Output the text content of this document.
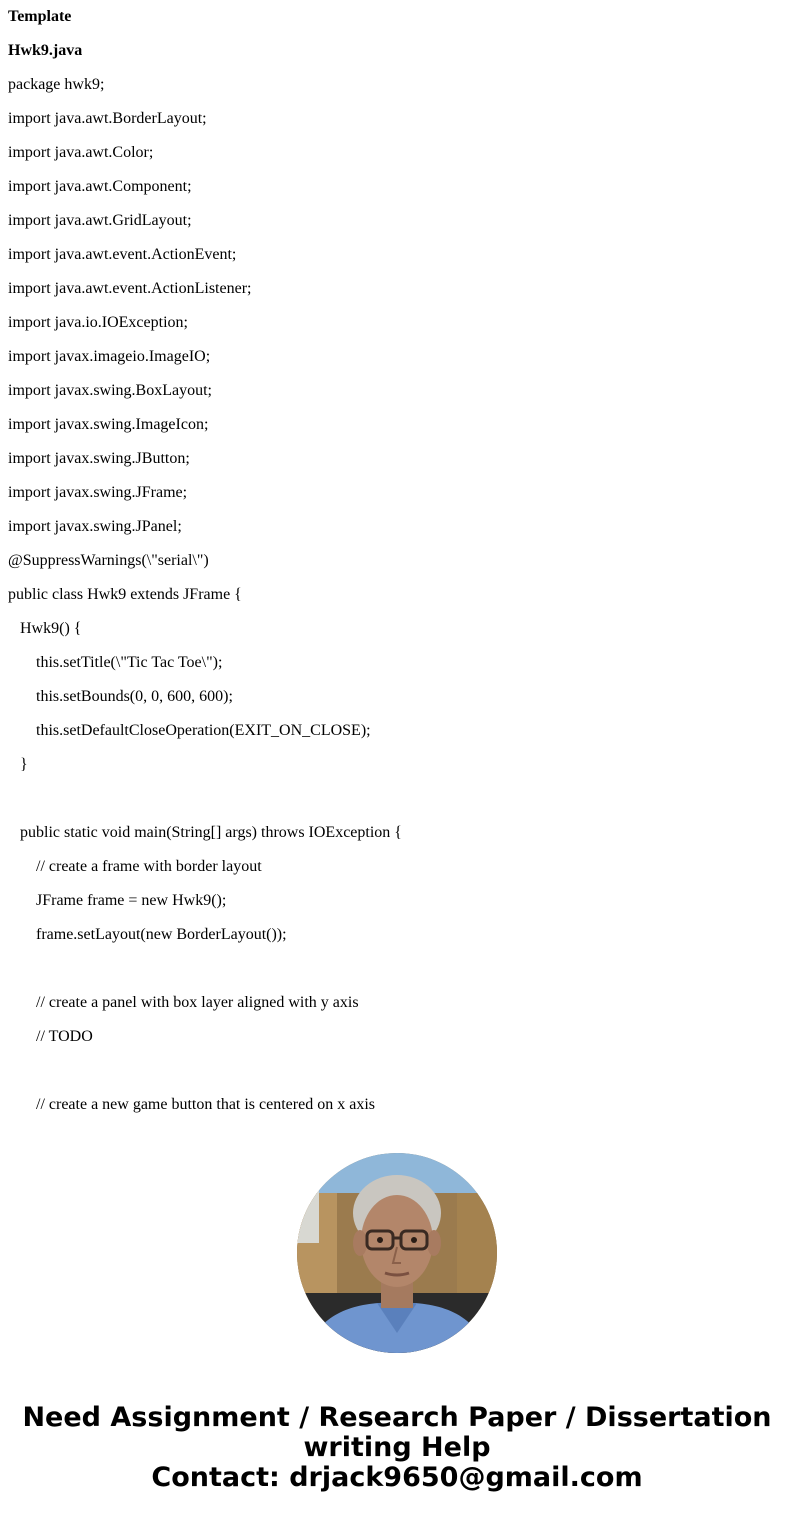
Template

Hwk9.java

package hwk9;

import java.awt.BorderLayout;

import java.awt.Color;

import java.awt.Component;

import java.awt.GridLayout;

import java.awt.event.ActionEvent;

import java.awt.event.ActionListener;

import java.io.IOException;

import javax.imageio.ImageIO;

import javax.swing.BoxLayout;

import javax.swing.ImageIcon;

import javax.swing.JButton;

import javax.swing.JFrame;

import javax.swing.JPanel;

@SuppressWarnings(\"serial\")

public class Hwk9 extends JFrame {

Hwk9() {

this.setTitle(\"Tic Tac Toe\");

this.setBounds(0, 0, 600, 600);

this.setDefaultCloseOperation(EXIT_ON_CLOSE);

}

public static void main(String[] args) throws IOException {

// create a frame with border layout

JFrame frame = new Hwk9();

frame.setLayout(new BorderLayout());

// create a panel with box layer aligned with y axis

// TODO

// create a new game button that is centered on x axis

Need Assignment / Research Paper / Dissertation
writing Help
Contact: drjack9650@gmail.com
